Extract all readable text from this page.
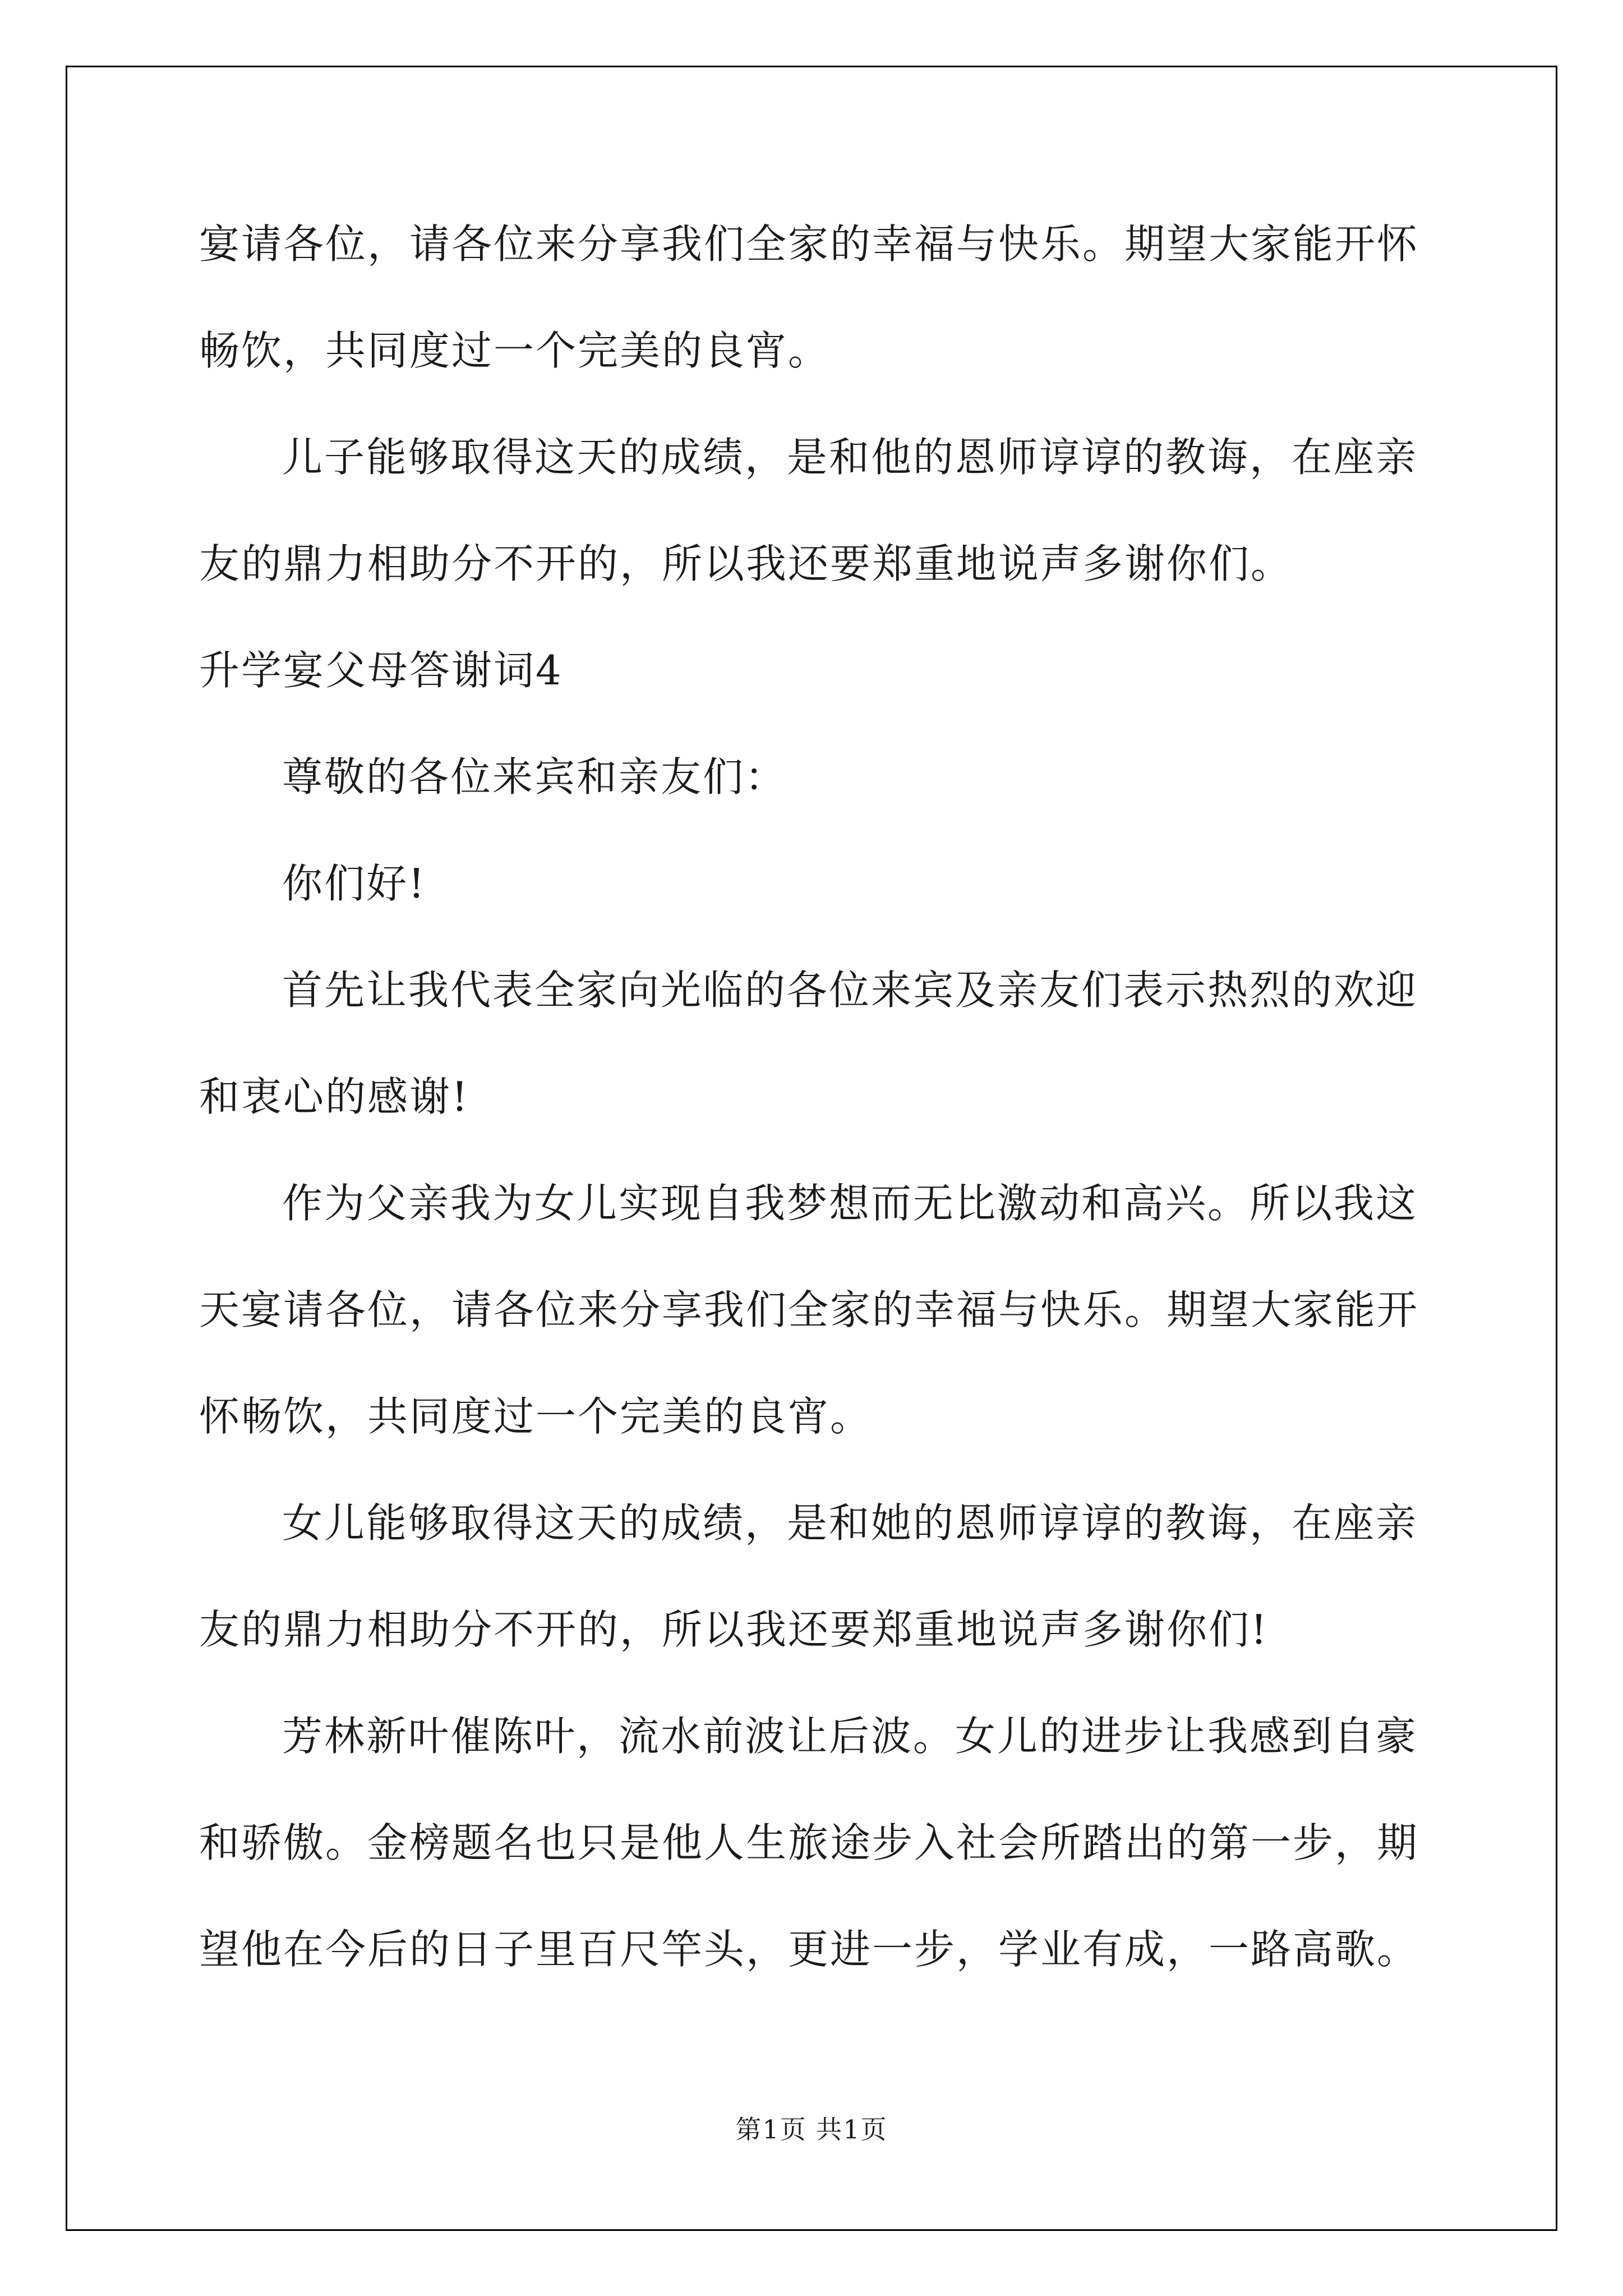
宴请各位，请各位来分享我们全家的幸福与快乐。期望大家能开怀畅饮，共同度过一个完美的良宵。

儿子能够取得这天的成绩，是和他的恩师谆谆的教诲，在座亲友的鼎力相助分不开的，所以我还要郑重地说声多谢你们。

升学宴父母答谢词4

尊敬的各位来宾和亲友们：

你们好!

首先让我代表全家向光临的各位来宾及亲友们表示热烈的欢迎和衷心的感谢!

作为父亲我为女儿实现自我梦想而无比激动和高兴。所以我这天宴请各位，请各位来分享我们全家的幸福与快乐。期望大家能开怀畅饮，共同度过一个完美的良宵。

女儿能够取得这天的成绩，是和她的恩师谆谆的教诲，在座亲友的鼎力相助分不开的，所以我还要郑重地说声多谢你们!

芳林新叶催陈叶，流水前波让后波。女儿的进步让我感到自豪和骄傲。金榜题名也只是他人生旅途步入社会所踏出的第一步，期望他在今后的日子里百尺竿头，更进一步，学业有成，一路高歌。

第1页 共1页
